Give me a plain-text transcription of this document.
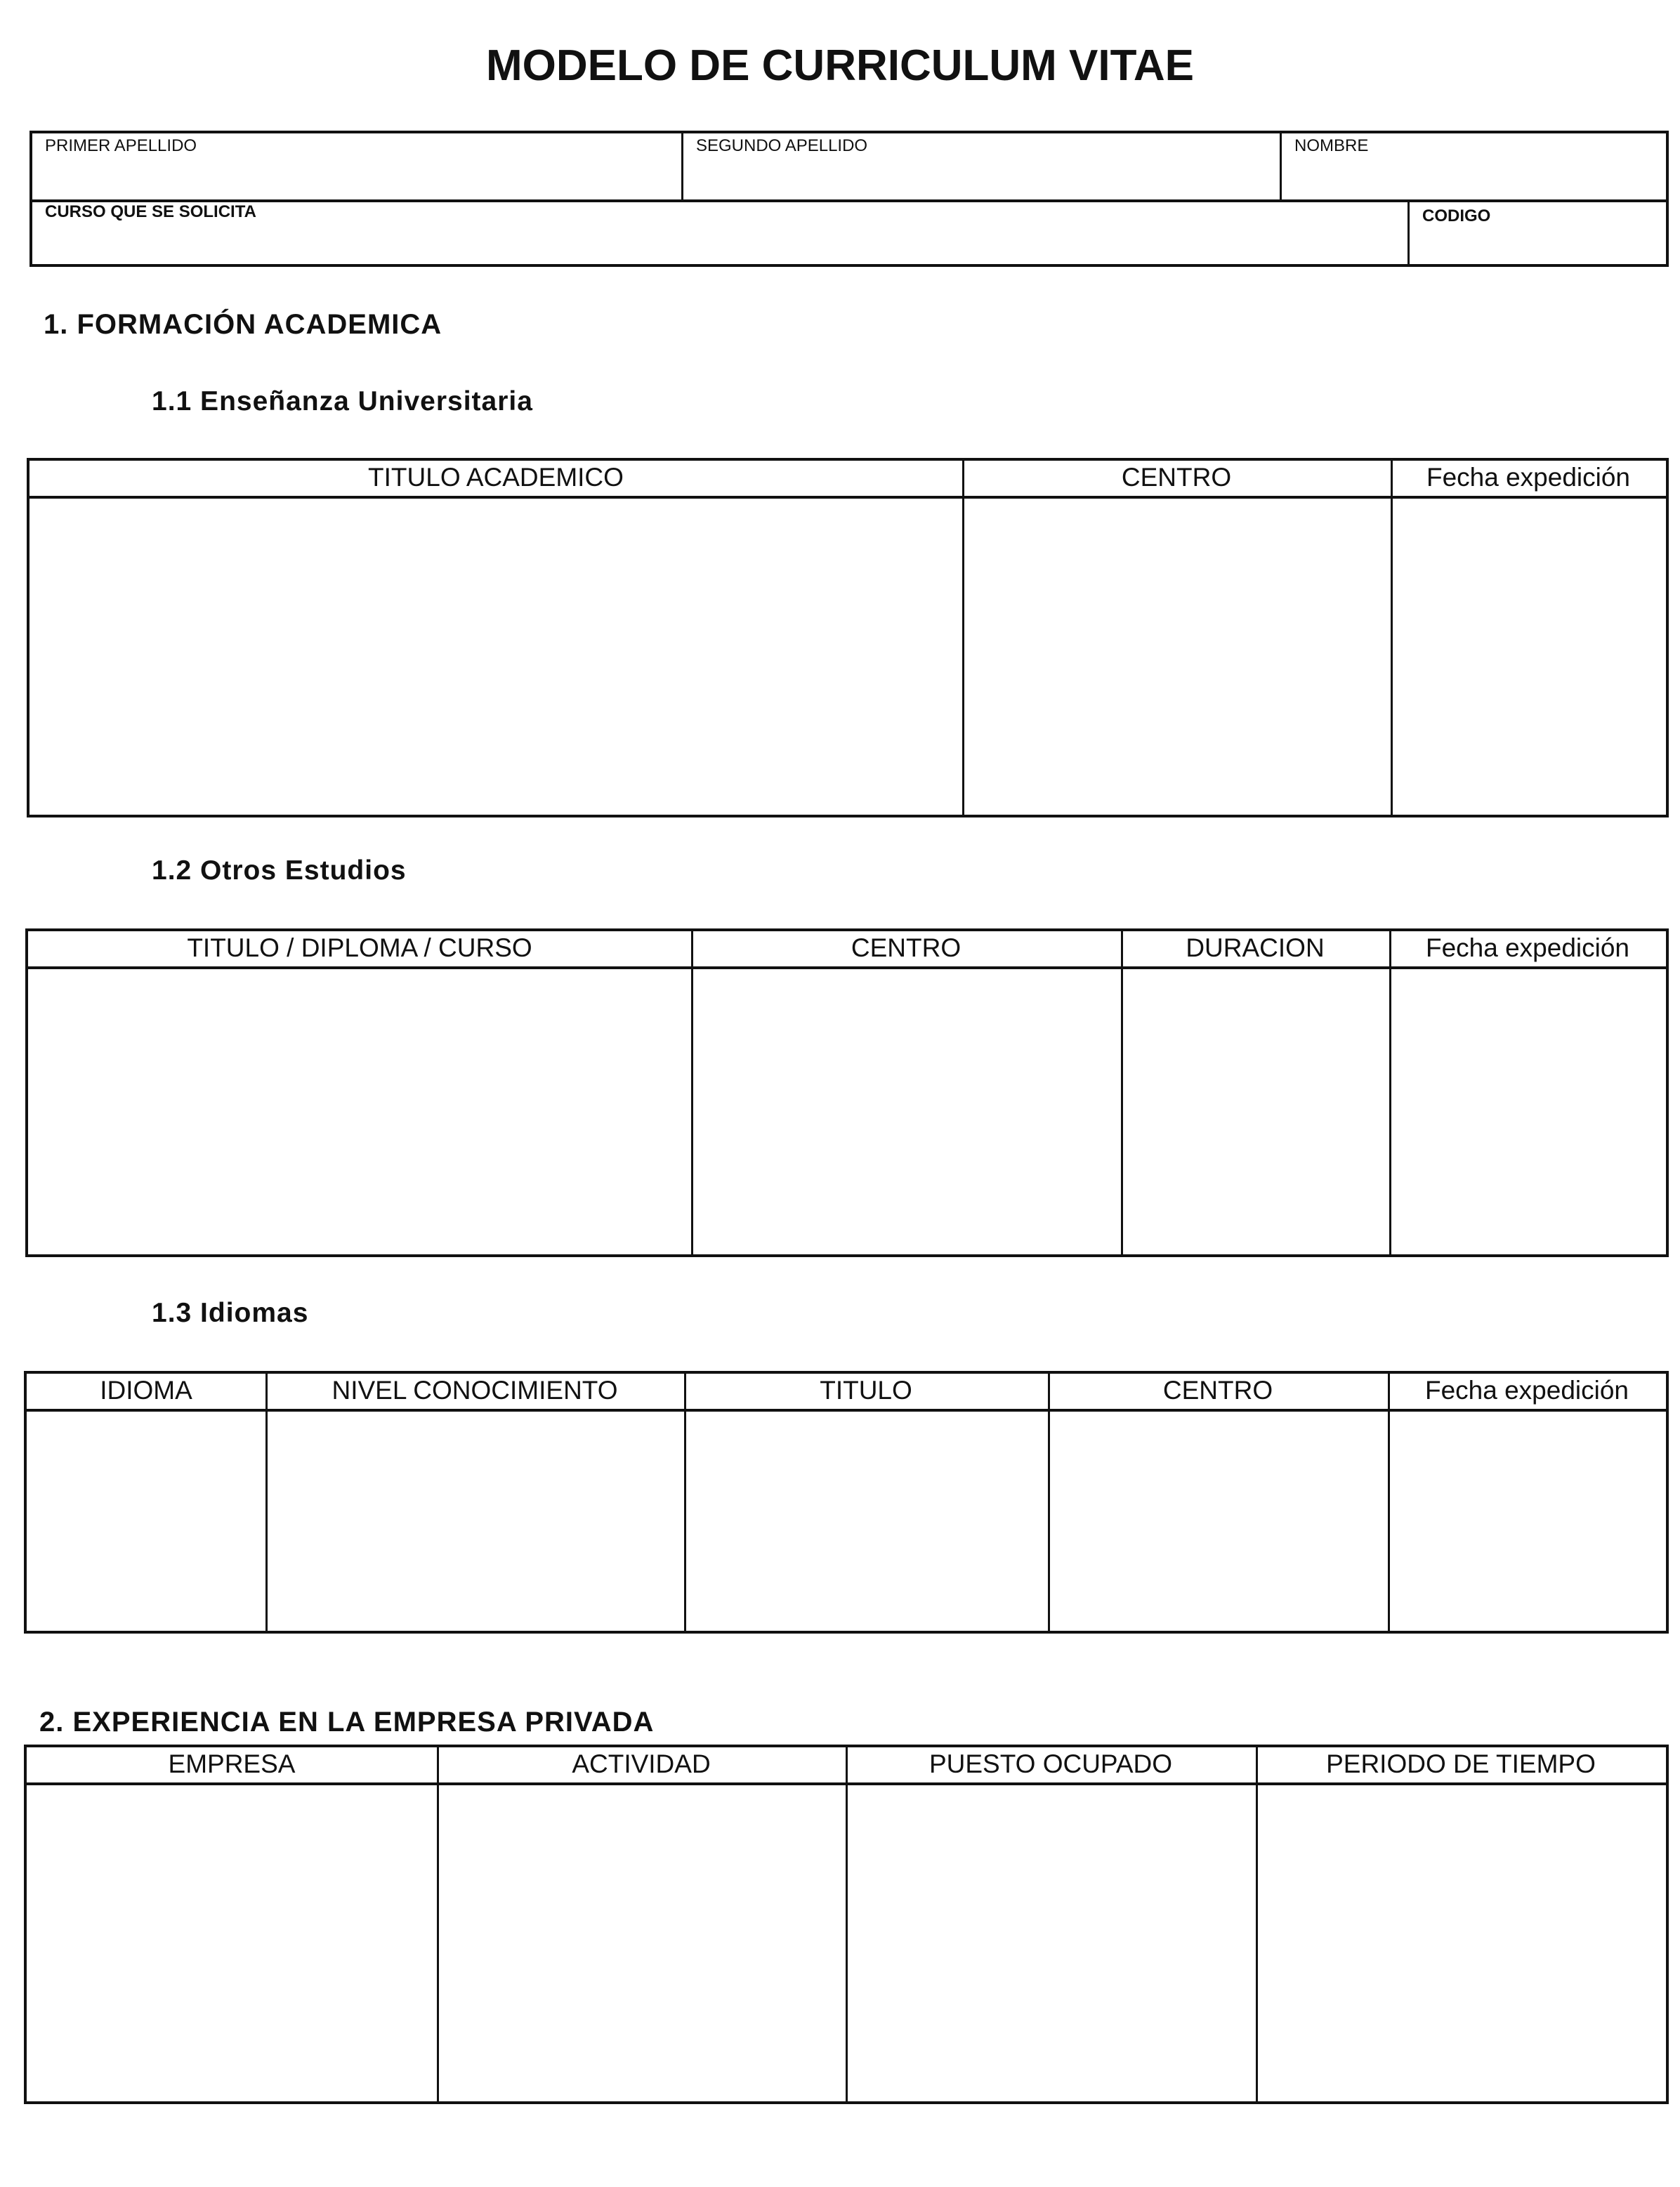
MODELO DE CURRICULUM VITAE
PRIMER APELLIDO	SEGUNDO APELLIDO	NOMBRE
CURSO QUE SE SOLICITA	CODIGO
1. FORMACIÓN ACADEMICA
1.1 Enseñanza Universitaria
TITULO ACADEMICO	CENTRO	Fecha expedición
1.2 Otros Estudios
TITULO / DIPLOMA / CURSO	CENTRO	DURACION	Fecha expedición
1.3 Idiomas
IDIOMA	NIVEL CONOCIMIENTO	TITULO	CENTRO	Fecha expedición
2. EXPERIENCIA EN LA EMPRESA PRIVADA
EMPRESA	ACTIVIDAD	PUESTO OCUPADO	PERIODO DE TIEMPO
